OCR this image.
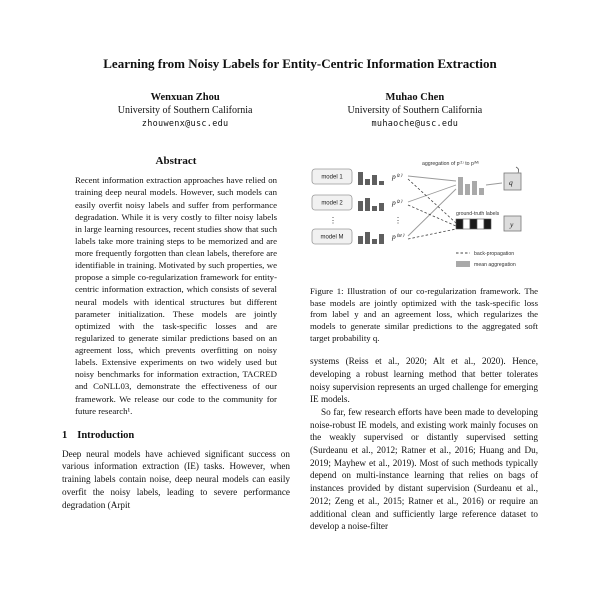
Learning from Noisy Labels for Entity-Centric Information Extraction
Wenxuan Zhou
University of Southern California
zhouwenx@usc.edu
Muhao Chen
University of Southern California
muhaoche@usc.edu
Abstract

Recent information extraction approaches have relied on training deep neural models. However, such models can easily overfit noisy labels and suffer from performance degradation. While it is very costly to filter noisy labels in large learning resources, recent studies show that such labels take more training steps to be memorized and are more frequently forgotten than clean labels, therefore are identifiable in training. Motivated by such properties, we propose a simple co-regularization framework for entity-centric information extraction, which consists of several neural models with identical structures but different parameter initialization. These models are jointly optimized with the task-specific losses and are regularized to generate similar predictions based on an agreement loss, which prevents overfitting on noisy labels. Extensive experiments on two widely used but noisy benchmarks for information extraction, TACRED and CoNLL03, demonstrate the effectiveness of our framework. We release our code to the community for future research¹.

1 Introduction

Deep neural models have achieved significant success on various information extraction (IE) tasks. However, when training labels contain noise, deep neural models can easily overfit the noisy labels, leading to severe performance degradation (Arpit

aggregation of p⁽¹⁾ to p⁽ᴹ⁾
model 1	p⁽¹⁾
model 2	p⁽²⁾
⋮	⋮
model M	p⁽ᴹ⁾
q
ground-truth labels
y
back-propagation
mean aggregation

Figure 1: Illustration of our co-regularization framework. The base models are jointly optimized with the task-specific loss from label y and an agreement loss, which regularizes the models to generate similar predictions to the aggregated soft target probability q.

systems (Reiss et al., 2020; Alt et al., 2020). Hence, developing a robust learning method that better tolerates noisy supervision represents an urged challenge for emerging IE models.

So far, few research efforts have been made to developing noise-robust IE models, and existing work mainly focuses on the weakly supervised or distantly supervised setting (Surdeanu et al., 2012; Ratner et al., 2016; Huang and Du, 2019; Mayhew et al., 2019). Most of such methods typically depend on multi-instance learning that relies on bags of instances provided by distant supervision (Surdeanu et al., 2012; Zeng et al., 2015; Ratner et al., 2016) or require an additional clean and sufficiently large reference dataset to develop a noise-filter
